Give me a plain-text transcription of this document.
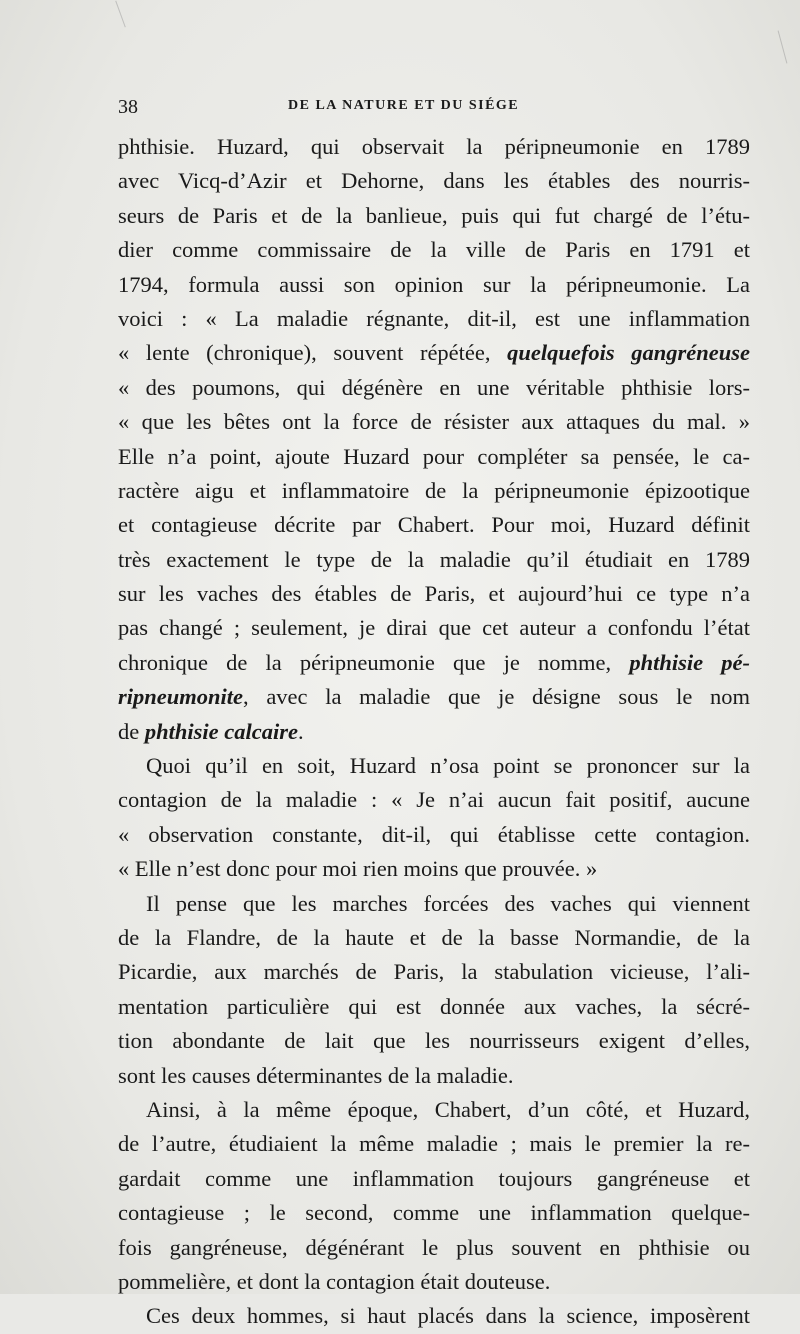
38	DE LA NATURE ET DU SIÉGE
phthisie. Huzard, qui observait la péripneumonie en 1789
avec Vicq-d’Azir et Dehorne, dans les étables des nourris-
seurs de Paris et de la banlieue, puis qui fut chargé de l’étu-
dier comme commissaire de la ville de Paris en 1791 et
1794, formula aussi son opinion sur la péripneumonie. La
voici : « La maladie régnante, dit-il, est une inflammation
« lente (chronique), souvent répétée, quelquefois gangréneuse
« des poumons, qui dégénère en une véritable phthisie lors-
« que les bêtes ont la force de résister aux attaques du mal. »
Elle n’a point, ajoute Huzard pour compléter sa pensée, le ca-
ractère aigu et inflammatoire de la péripneumonie épizootique
et contagieuse décrite par Chabert. Pour moi, Huzard définit
très exactement le type de la maladie qu’il étudiait en 1789
sur les vaches des étables de Paris, et aujourd’hui ce type n’a
pas changé ; seulement, je dirai que cet auteur a confondu l’état
chronique de la péripneumonie que je nomme, phthisie pé-
ripneumonite, avec la maladie que je désigne sous le nom
de phthisie calcaire.
Quoi qu’il en soit, Huzard n’osa point se prononcer sur la
contagion de la maladie : « Je n’ai aucun fait positif, aucune
« observation constante, dit-il, qui établisse cette contagion.
« Elle n’est donc pour moi rien moins que prouvée. »
Il pense que les marches forcées des vaches qui viennent
de la Flandre, de la haute et de la basse Normandie, de la
Picardie, aux marchés de Paris, la stabulation vicieuse, l’ali-
mentation particulière qui est donnée aux vaches, la sécré-
tion abondante de lait que les nourrisseurs exigent d’elles,
sont les causes déterminantes de la maladie.
Ainsi, à la même époque, Chabert, d’un côté, et Huzard,
de l’autre, étudiaient la même maladie ; mais le premier la re-
gardait comme une inflammation toujours gangréneuse et
contagieuse ; le second, comme une inflammation quelque-
fois gangréneuse, dégénérant le plus souvent en phthisie ou
pommelière, et dont la contagion était douteuse.
Ces deux hommes, si haut placés dans la science, imposèrent
